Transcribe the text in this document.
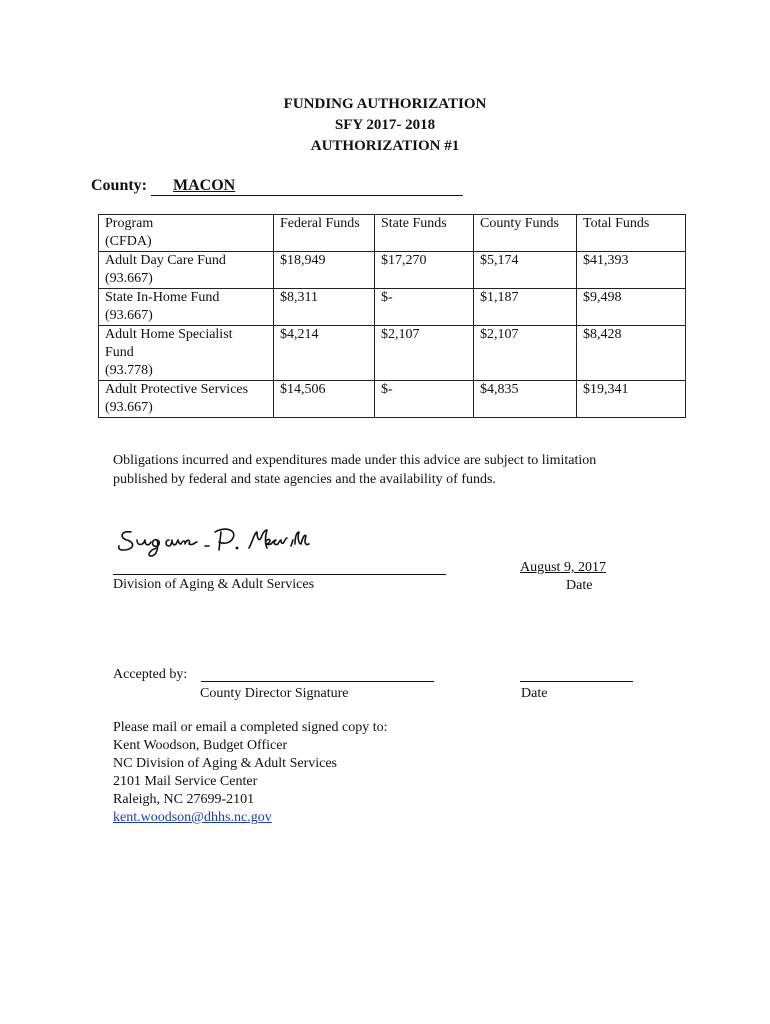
FUNDING AUTHORIZATION
SFY 2017- 2018
AUTHORIZATION #1
County: MACON
Program
(CFDA)	Federal Funds	State Funds	County Funds	Total Funds

Adult Day Care Fund
(93.667)	$18,949	$17,270	$5,174	$41,393

State In-Home Fund
(93.667)	$8,311	$-	$1,187	$9,498

Adult Home Specialist
Fund
(93.778)	$4,214	$2,107	$2,107	$8,428

Adult Protective Services
(93.667)	$14,506	$-	$4,835	$19,341
Obligations incurred and expenditures made under this advice are subject to limitation
published by federal and state agencies and the availability of funds.
Division of Aging & Adult Services
August 9, 2017
Date
Accepted by:
County Director Signature	Date
Please mail or email a completed signed copy to:
Kent Woodson, Budget Officer
NC Division of Aging & Adult Services
2101 Mail Service Center
Raleigh, NC 27699-2101
kent.woodson@dhhs.nc.gov
